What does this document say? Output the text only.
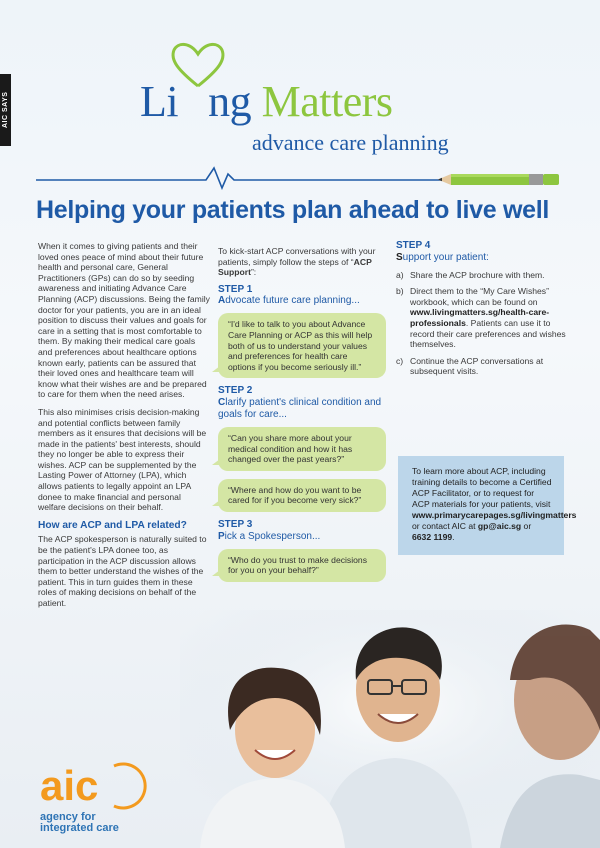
AIC SAYS	Li ng Matters
advance care planning
Helping your patients plan ahead to live well

When it comes to giving patients and their loved ones peace of mind about their future health and personal care, General Practitioners (GPs) can do so by seeding awareness and initiating Advance Care Planning (ACP) discussions. Being the family doctor for your patients, you are in an ideal position to discuss their values and goals for care in a setting that is most comfortable to them. By making their medical care goals and preferences about healthcare options known early, patients can be assured that their loved ones and healthcare team will know what their wishes are and be prepared to care for them when the need arises.

This also minimises crisis decision-making and potential conflicts between family members as it ensures that decisions will be made in the patients' best interests, should they no longer be able to express their wishes. ACP can be supplemented by the Lasting Power of Attorney (LPA), which allows patients to legally appoint an LPA donee to make financial and personal welfare decisions on their behalf.

How are ACP and LPA related?

The ACP spokesperson is naturally suited to be the patient's LPA donee too, as participation in the ACP discussion allows them to better understand the wishes of the patient. This in turn guides them in these roles of making decisions on behalf of the patient.

To kick-start ACP conversations with your patients, simply follow the steps of “ACP Support”:

STEP 1
Advocate future care planning...
“I'd like to talk to you about Advance Care Planning or ACP as this will help both of us to understand your values and preferences for health care options if you become seriously ill.”
STEP 2
Clarify patient's clinical condition and goals for care...
“Can you share more about your medical condition and how it has changed over the past years?”
“Where and how do you want to be cared for if you become very sick?”
STEP 3
Pick a Spokesperson...
“Who do you trust to make decisions for you on your behalf?”
STEP 4
Support your patient:
a) Share the ACP brochure with them.
b) Direct them to the “My Care Wishes” workbook, which can be found on www.livingmatters.sg/health-care-professionals. Patients can use it to record their care preferences and wishes themselves.
c) Continue the ACP conversations at subsequent visits.
To learn more about ACP, including training details to become a Certified ACP Facilitator, or to request for ACP materials for your patients, visit www.primarycarepages.sg/livingmatters or contact AIC at gp@aic.sg or 6632 1199.
aic
agency for
integrated care
